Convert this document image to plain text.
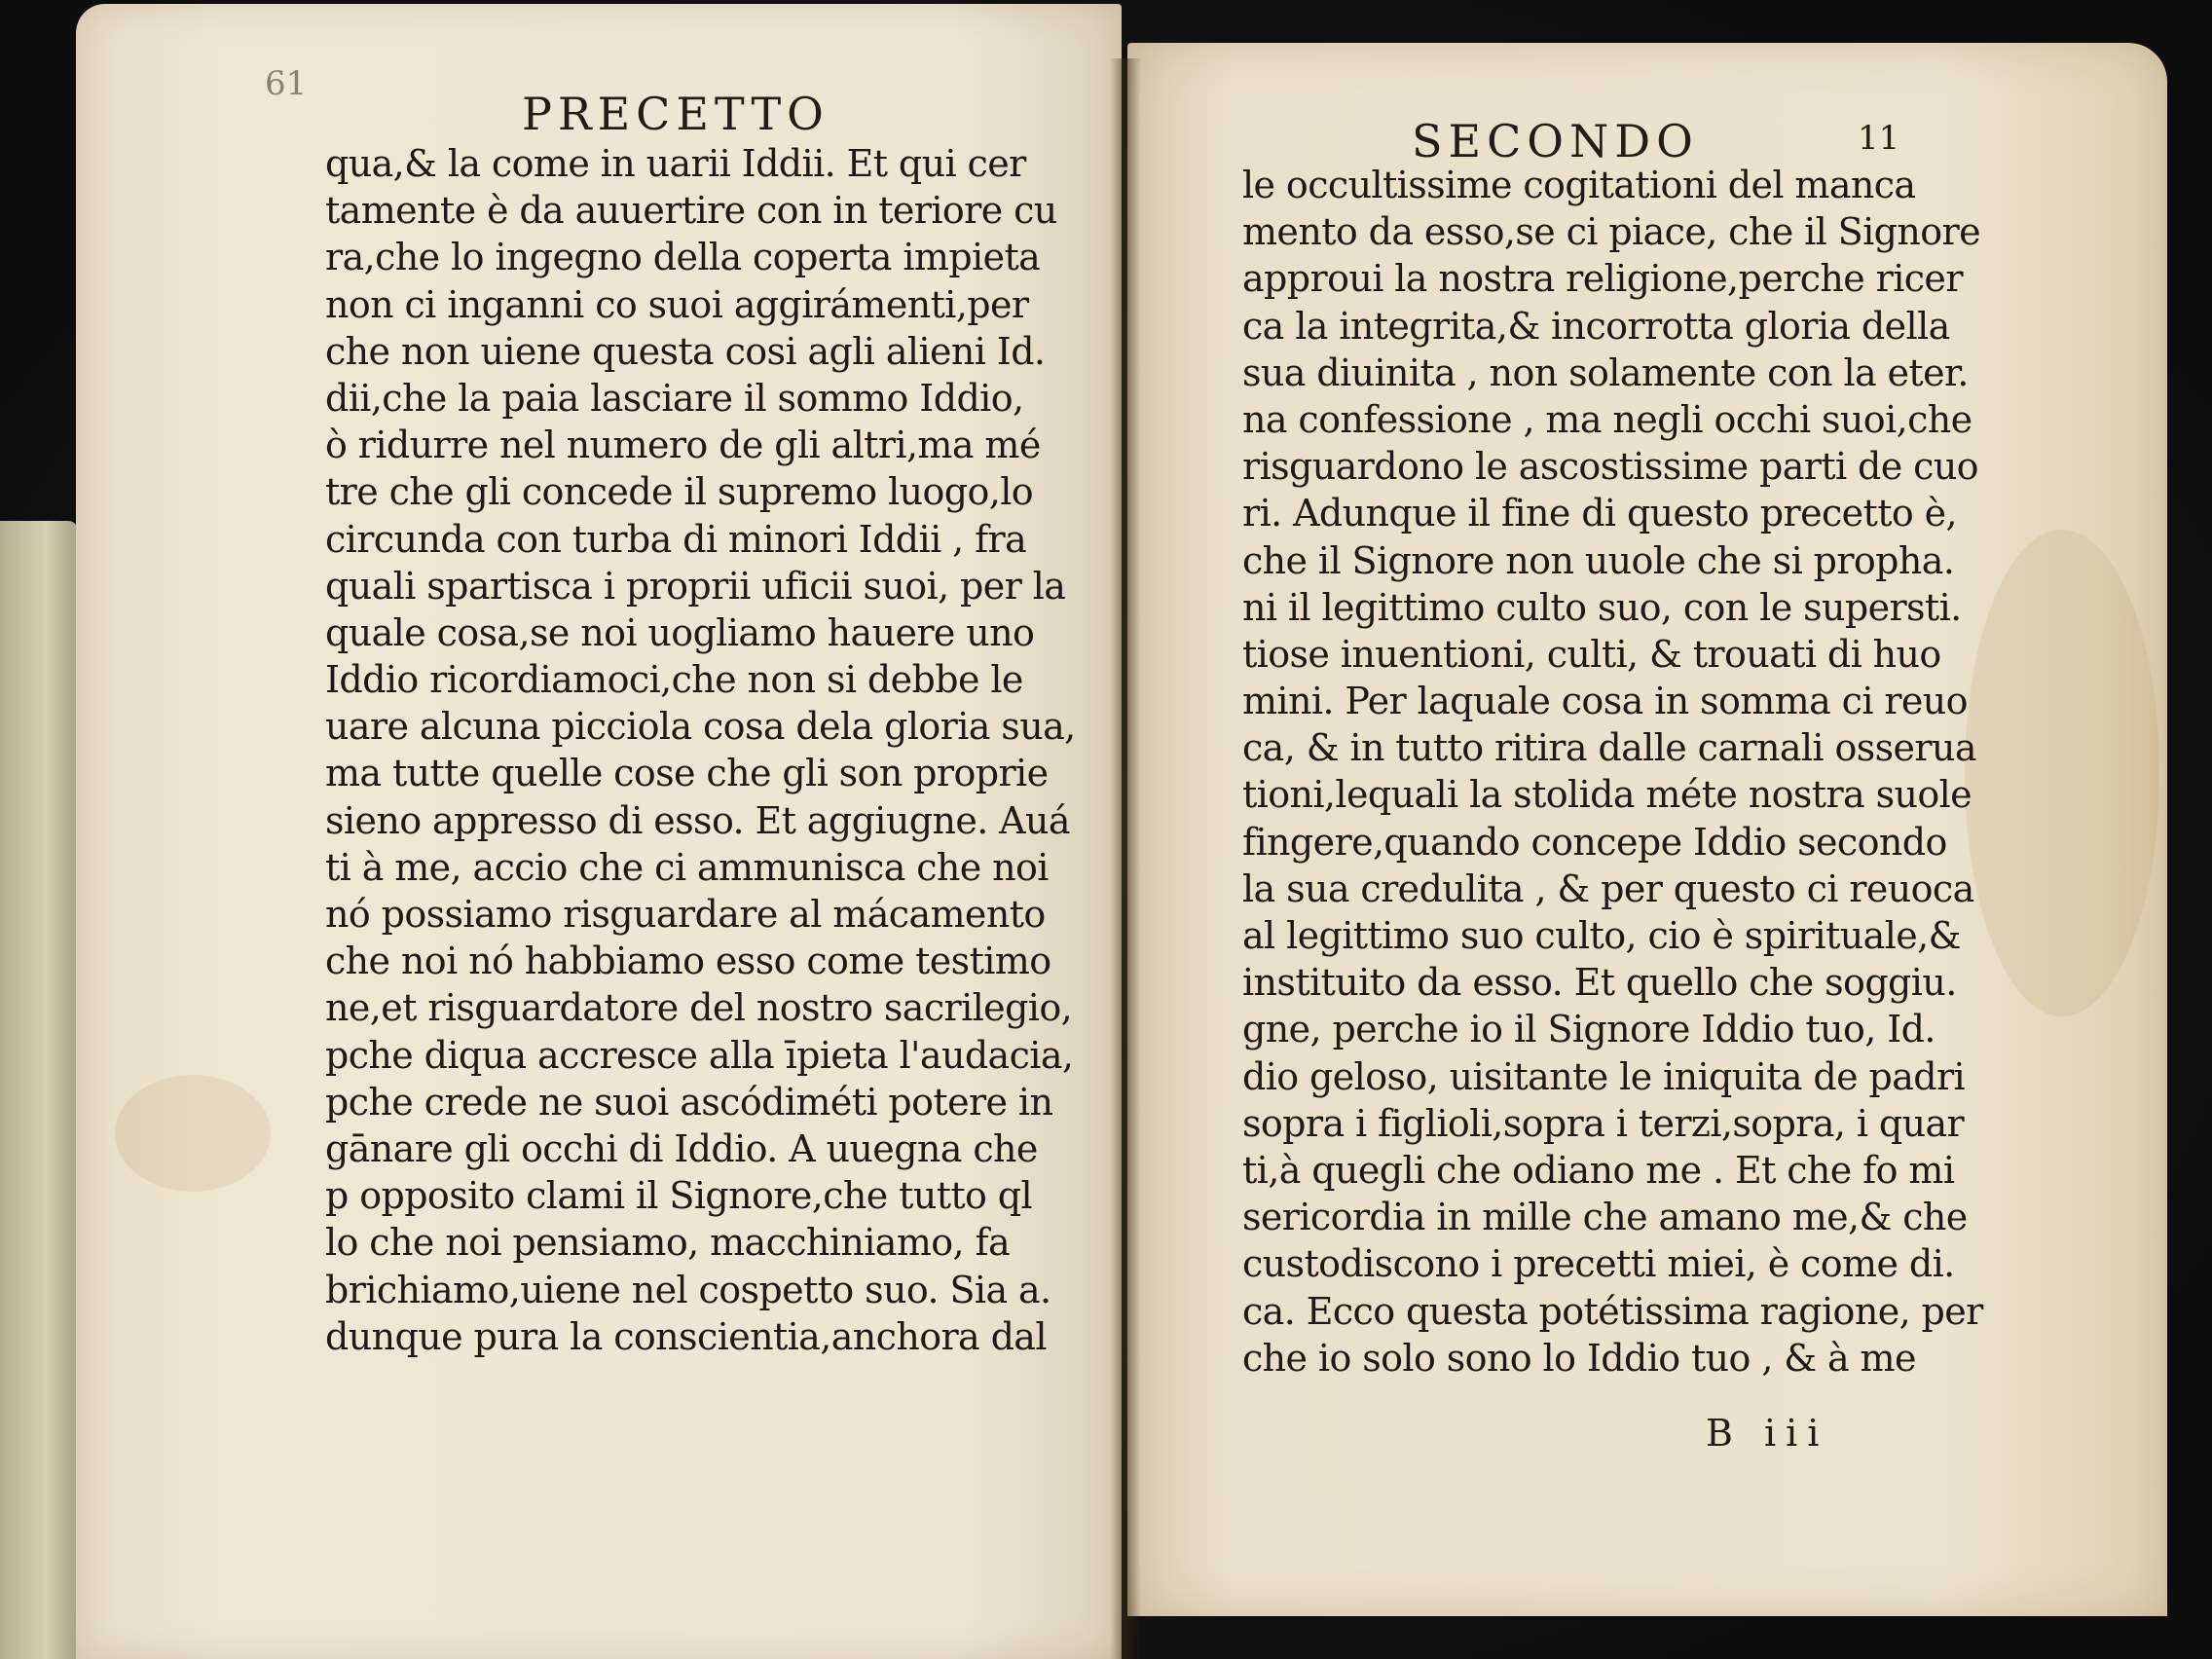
61
PRECETTO
qua,& la come in uarii Iddii. Et qui cer
tamente è da auuertire con in teriore cu
ra,che lo ingegno della coperta impieta
non ci inganni co suoi aggirámenti,per
che non uiene questa cosi agli alieni Id.
dii,che la paia lasciare il sommo Iddio,
ò ridurre nel numero de gli altri,ma mé
tre che gli concede il supremo luogo,lo
circunda con turba di minori Iddii , fra
quali spartisca i proprii uficii suoi, per la
quale cosa,se noi uogliamo hauere uno
Iddio ricordiamoci,che non si debbe le
uare alcuna picciola cosa dela gloria sua,
ma tutte quelle cose che gli son proprie
sieno appresso di esso. Et aggiugne. Auá
ti à me, accio che ci ammunisca che noi
nó possiamo risguardare al mácamento
che noi nó habbiamo esso come testimo
ne,et risguardatore del nostro sacrilegio,
pche diqua accresce alla īpieta l'audacia,
pche crede ne suoi ascódiméti potere in
gānare gli occhi di Iddio. A uuegna che
p opposito clami il Signore,che tutto ql
lo che noi pensiamo, macchiniamo, fa
brichiamo,uiene nel cospetto suo. Sia a.
dunque pura la conscientia,anchora dal
SECONDO	11
le occultissime cogitationi del manca
mento da esso,se ci piace, che il Signore
approui la nostra religione,perche ricer
ca la integrita,& incorrotta gloria della
sua diuinita , non solamente con la eter.
na confessione , ma negli occhi suoi,che
risguardono le ascostissime parti de cuo
ri. Adunque il fine di questo precetto è,
che il Signore non uuole che si propha.
ni il legittimo culto suo, con le supersti.
tiose inuentioni, culti, & trouati di huo
mini. Per laquale cosa in somma ci reuo
ca, & in tutto ritira dalle carnali osserua
tioni,lequali la stolida méte nostra suole
fingere,quando concepe Iddio secondo
la sua credulita , & per questo ci reuoca
al legittimo suo culto, cio è spirituale,&
instituito da esso. Et quello che soggiu.
gne, perche io il Signore Iddio tuo, Id.
dio geloso, uisitante le iniquita de padri
sopra i figlioli,sopra i terzi,sopra, i quar
ti,à quegli che odiano me . Et che fo mi
sericordia in mille che amano me,& che
custodiscono i precetti miei, è come di.
ca. Ecco questa potétissima ragione, per
che io solo sono lo Iddio tuo , & à me
B iii
